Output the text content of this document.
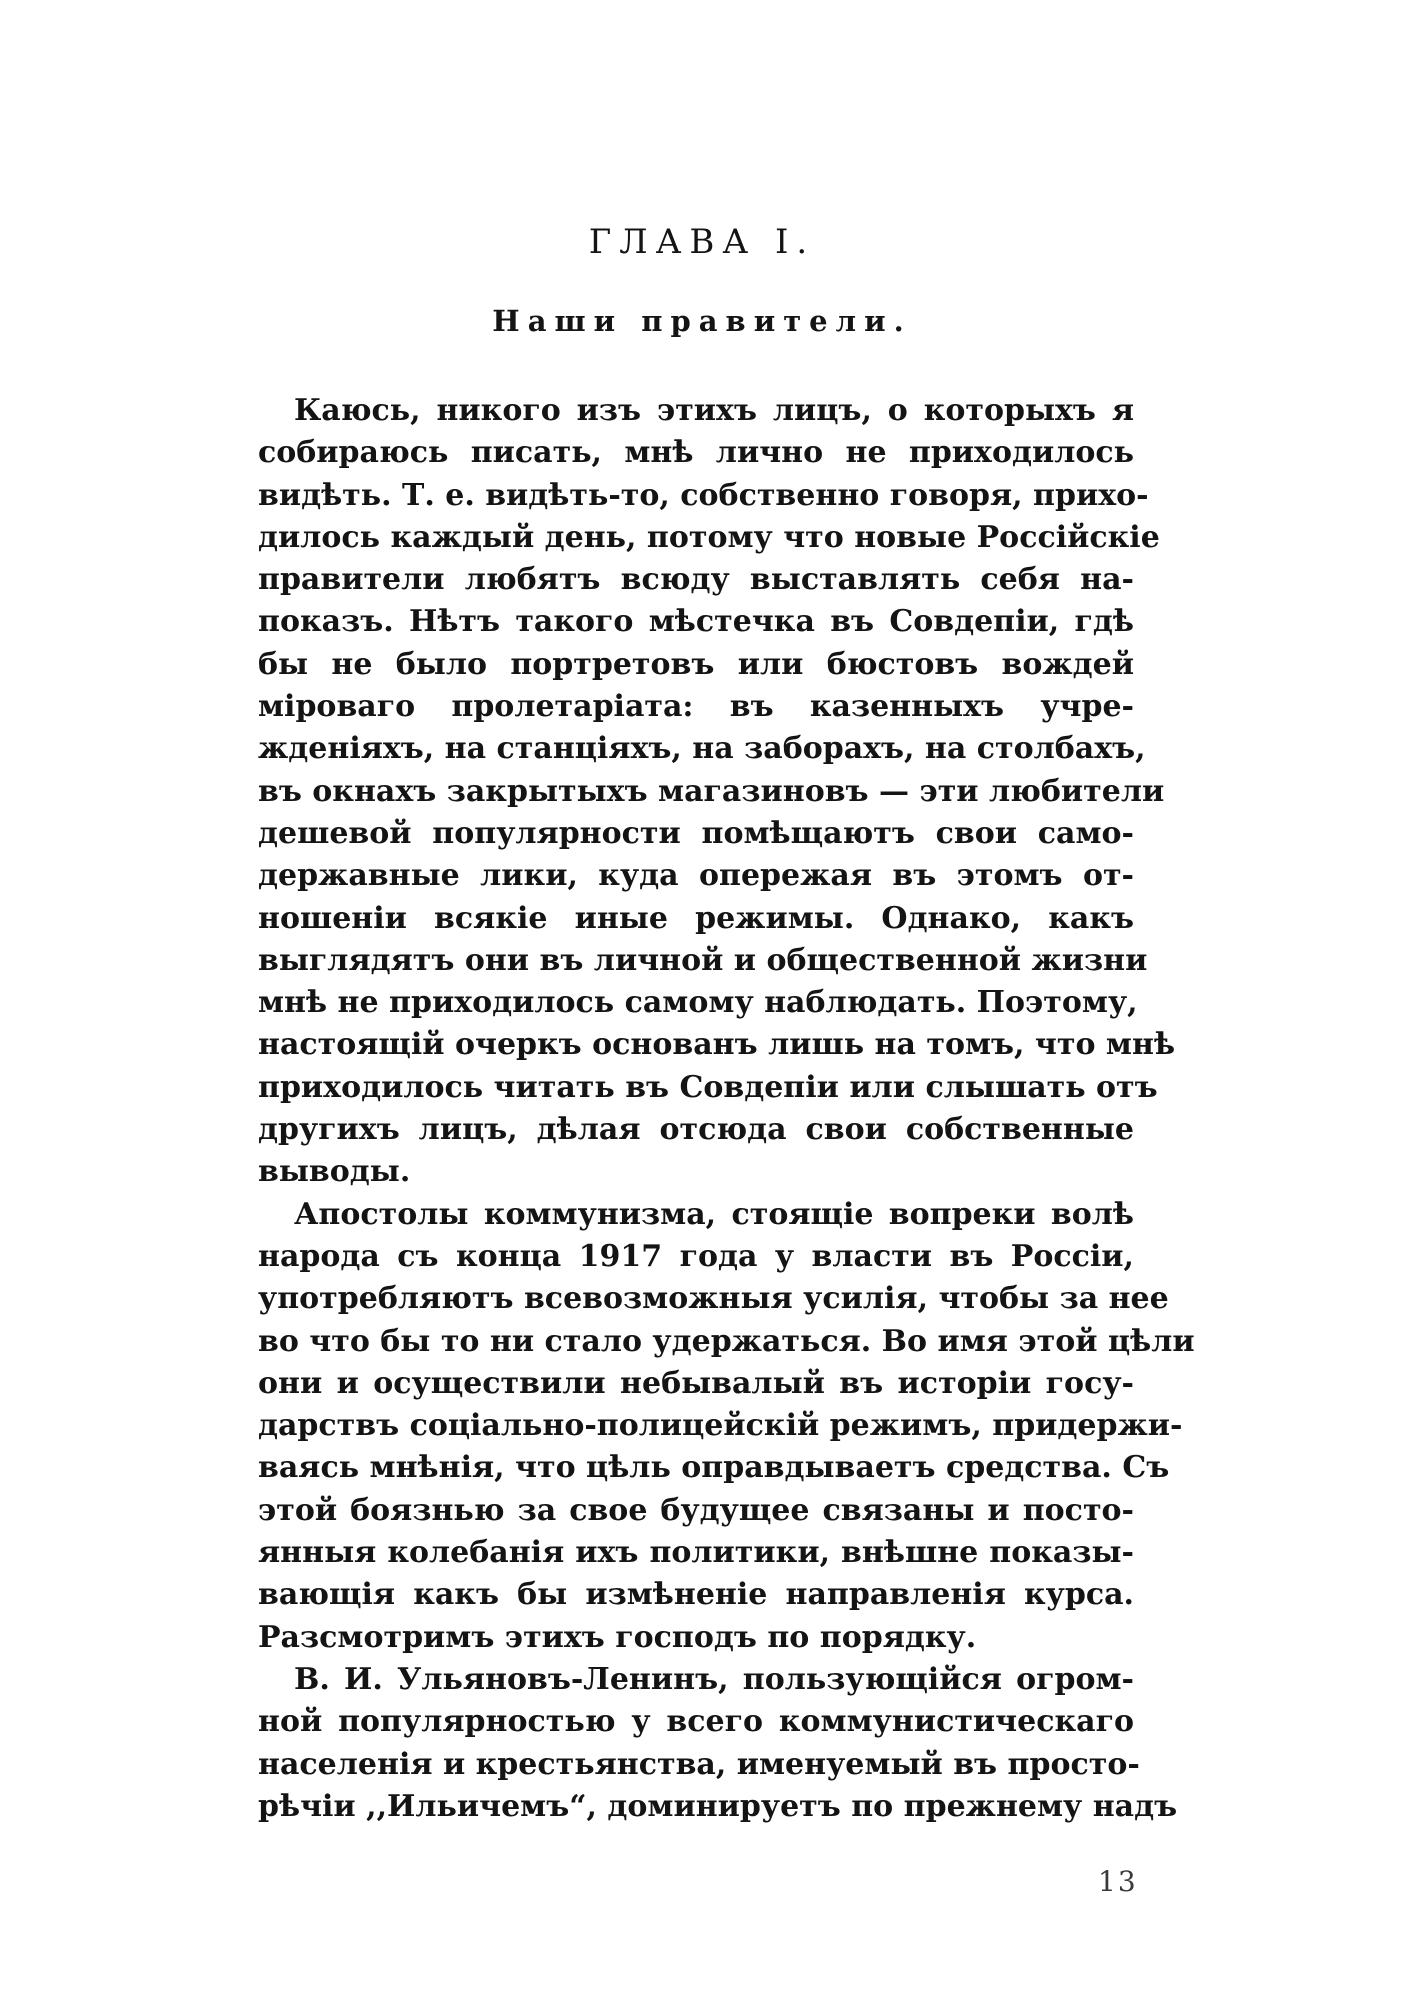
ГЛАВА I.
Наши правители.
Каюсь, никого изъ этихъ лицъ, о которыхъ я
собираюсь писать, мнѣ лично не приходилось
видѣть. Т. е. видѣть-то, собственно говоря, прихо-
дилось каждый день, потому что новые Россійскіе
правители любятъ всюду выставлять себя на-
показъ. Нѣтъ такого мѣстечка въ Совдепіи, гдѣ
бы не было портретовъ или бюстовъ вождей
міроваго пролетаріата: въ казенныхъ учре-
жденіяхъ, на станціяхъ, на заборахъ, на столбахъ,
въ окнахъ закрытыхъ магазиновъ — эти любители
дешевой популярности помѣщаютъ свои само-
державные лики, куда опережая въ этомъ от-
ношеніи всякіе иные режимы. Однако, какъ
выглядятъ они въ личной и общественной жизни
мнѣ не приходилось самому наблюдать. Поэтому,
настоящій очеркъ основанъ лишь на томъ, что мнѣ
приходилось читать въ Совдепіи или слышать отъ
другихъ лицъ, дѣлая отсюда свои собственные
выводы.
Апостолы коммунизма, стоящіе вопреки волѣ
народа съ конца 1917 года у власти въ Россіи,
употребляютъ всевозможныя усилія, чтобы за нее
во что бы то ни стало удержаться. Во имя этой цѣли
они и осуществили небывалый въ исторіи госу-
дарствъ соціально-полицейскій режимъ, придержи-
ваясь мнѣнія, что цѣль оправдываетъ средства. Съ
этой боязнью за свое будущее связаны и посто-
янныя колебанія ихъ политики, внѣшне показы-
вающія какъ бы измѣненіе направленія курса.
Разсмотримъ этихъ господъ по порядку.
В. И. Ульяновъ-Ленинъ, пользующійся огром-
ной популярностью у всего коммунистическаго
населенія и крестьянства, именуемый въ просто-
рѣчіи ,,Ильичемъ“, доминируетъ по прежнему надъ
13
